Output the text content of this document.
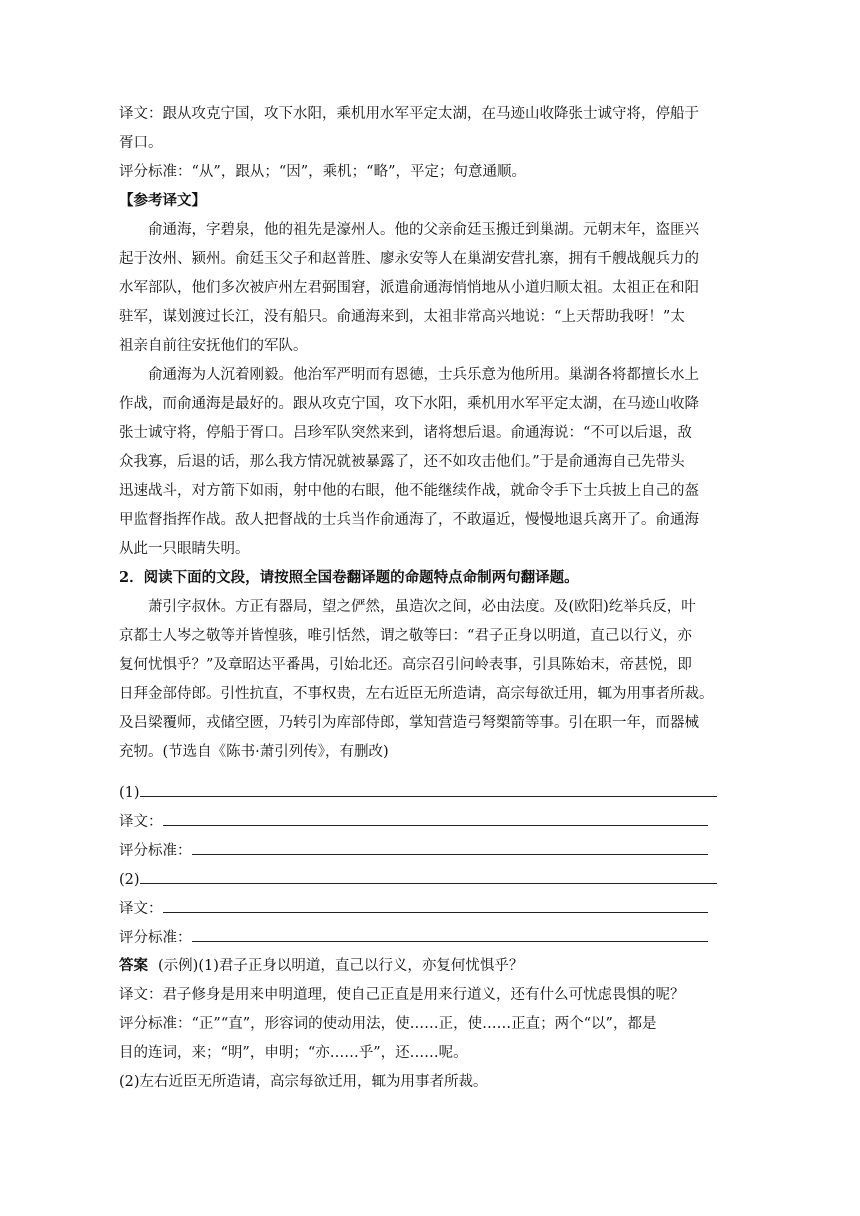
译文：跟从攻克宁国，攻下水阳，乘机用水军平定太湖，在马迹山收降张士诚守将，停船于
胥口。
评分标准：“从”，跟从；“因”，乘机；“略”，平定；句意通顺。
【参考译文】
俞通海，字碧泉，他的祖先是濠州人。他的父亲俞廷玉搬迁到巢湖。元朝末年，盗匪兴
起于汝州、颍州。俞廷玉父子和赵普胜、廖永安等人在巢湖安营扎寨，拥有千艘战舰兵力的
水军部队，他们多次被庐州左君弼围窘，派遣俞通海悄悄地从小道归顺太祖。太祖正在和阳
驻军，谋划渡过长江，没有船只。俞通海来到，太祖非常高兴地说：“上天帮助我呀！”太
祖亲自前往安抚他们的军队。
俞通海为人沉着刚毅。他治军严明而有恩德，士兵乐意为他所用。巢湖各将都擅长水上
作战，而俞通海是最好的。跟从攻克宁国，攻下水阳，乘机用水军平定太湖，在马迹山收降
张士诚守将，停船于胥口。吕珍军队突然来到，诸将想后退。俞通海说：“不可以后退，敌
众我寡，后退的话，那么我方情况就被暴露了，还不如攻击他们。”于是俞通海自己先带头
迅速战斗，对方箭下如雨，射中他的右眼，他不能继续作战，就命令手下士兵披上自己的盔
甲监督指挥作战。敌人把督战的士兵当作俞通海了，不敢逼近，慢慢地退兵离开了。俞通海
从此一只眼睛失明。
2．阅读下面的文段，请按照全国卷翻译题的命题特点命制两句翻译题。
萧引字叔休。方正有器局，望之俨然，虽造次之间，必由法度。及(欧阳)纥举兵反，叶
京都士人岑之敬等并皆惶骇，唯引恬然，谓之敬等曰：“君子正身以明道，直己以行义，亦
复何忧惧乎？”及章昭达平番禺，引始北还。高宗召引问岭表事，引具陈始末，帝甚悦，即
日拜金部侍郎。引性抗直，不事权贵，左右近臣无所造请，高宗每欲迁用，辄为用事者所裁。
及吕梁覆师，戎储空匮，乃转引为库部侍郎，掌知营造弓弩槊箭等事。引在职一年，而器械
充牣。(节选自《陈书·萧引列传》，有删改)
(1)
译文：
评分标准：
(2)
译文：
评分标准：
答案 (示例)(1)君子正身以明道，直己以行义，亦复何忧惧乎？
译文：君子修身是用来申明道理，使自己正直是用来行道义，还有什么可忧虑畏惧的呢？
评分标准：“正”“直”，形容词的使动用法，使……正，使……正直；两个“以”，都是
目的连词，来；“明”，申明；“亦……乎”，还……呢。
(2)左右近臣无所造请，高宗每欲迁用，辄为用事者所裁。
